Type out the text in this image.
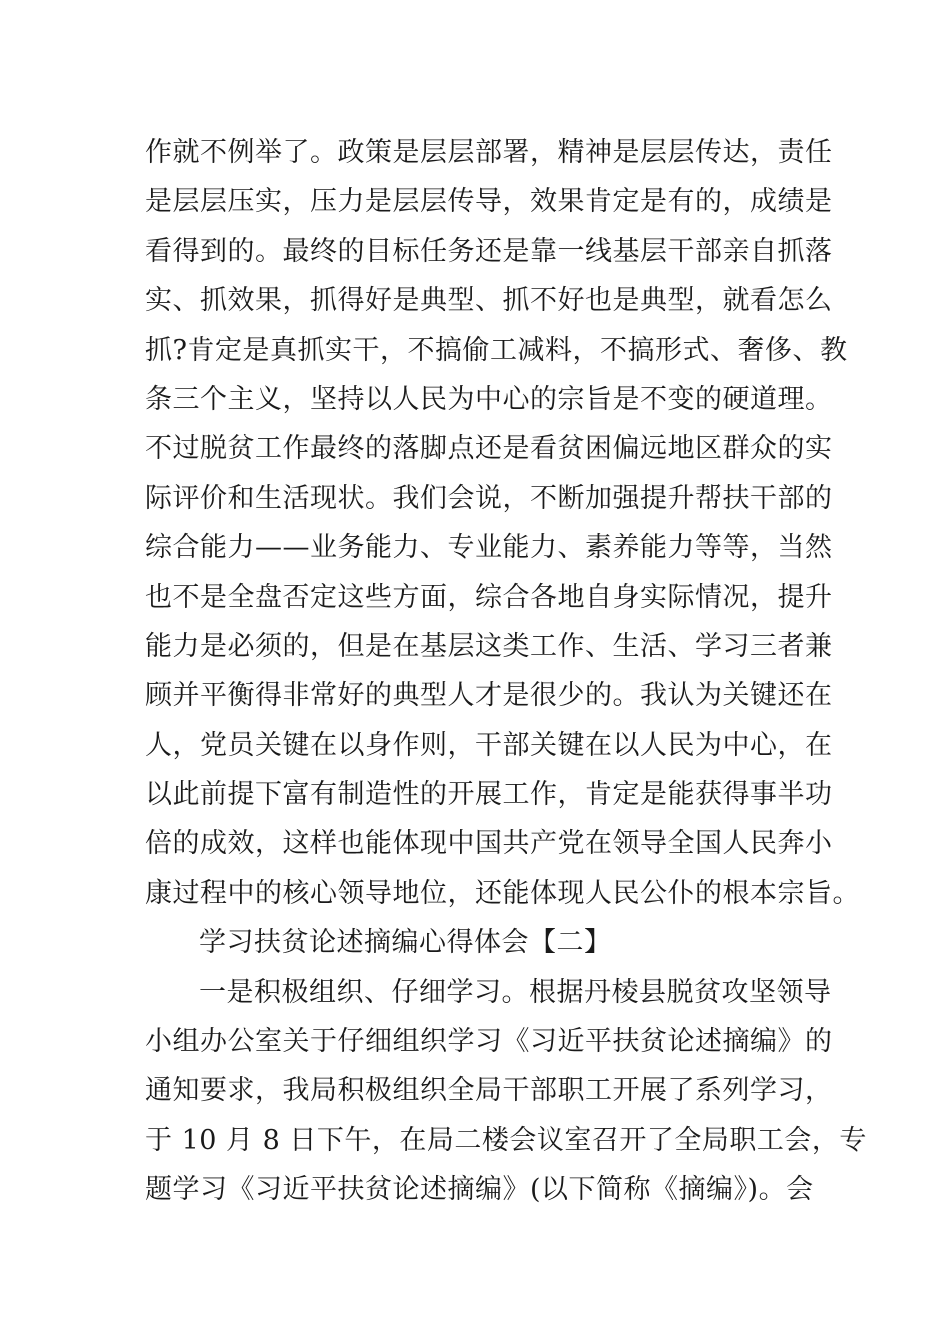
作就不例举了。政策是层层部署，精神是层层传达，责任
是层层压实，压力是层层传导，效果肯定是有的，成绩是
看得到的。最终的目标任务还是靠一线基层干部亲自抓落
实、抓效果，抓得好是典型、抓不好也是典型，就看怎么
抓?肯定是真抓实干，不搞偷工减料，不搞形式、奢侈、教
条三个主义，坚持以人民为中心的宗旨是不变的硬道理。
不过脱贫工作最终的落脚点还是看贫困偏远地区群众的实
际评价和生活现状。我们会说，不断加强提升帮扶干部的
综合能力——业务能力、专业能力、素养能力等等，当然
也不是全盘否定这些方面，综合各地自身实际情况，提升
能力是必须的，但是在基层这类工作、生活、学习三者兼
顾并平衡得非常好的典型人才是很少的。我认为关键还在
人，党员关键在以身作则，干部关键在以人民为中心，在
以此前提下富有制造性的开展工作，肯定是能获得事半功
倍的成效，这样也能体现中国共产党在领导全国人民奔小
康过程中的核心领导地位，还能体现人民公仆的根本宗旨。
学习扶贫论述摘编心得体会【二】
一是积极组织、仔细学习。根据丹棱县脱贫攻坚领导
小组办公室关于仔细组织学习《习近平扶贫论述摘编》的
通知要求，我局积极组织全局干部职工开展了系列学习，
于 10 月 8 日下午，在局二楼会议室召开了全局职工会，专
题学习《习近平扶贫论述摘编》(以下简称《摘编》)。会
